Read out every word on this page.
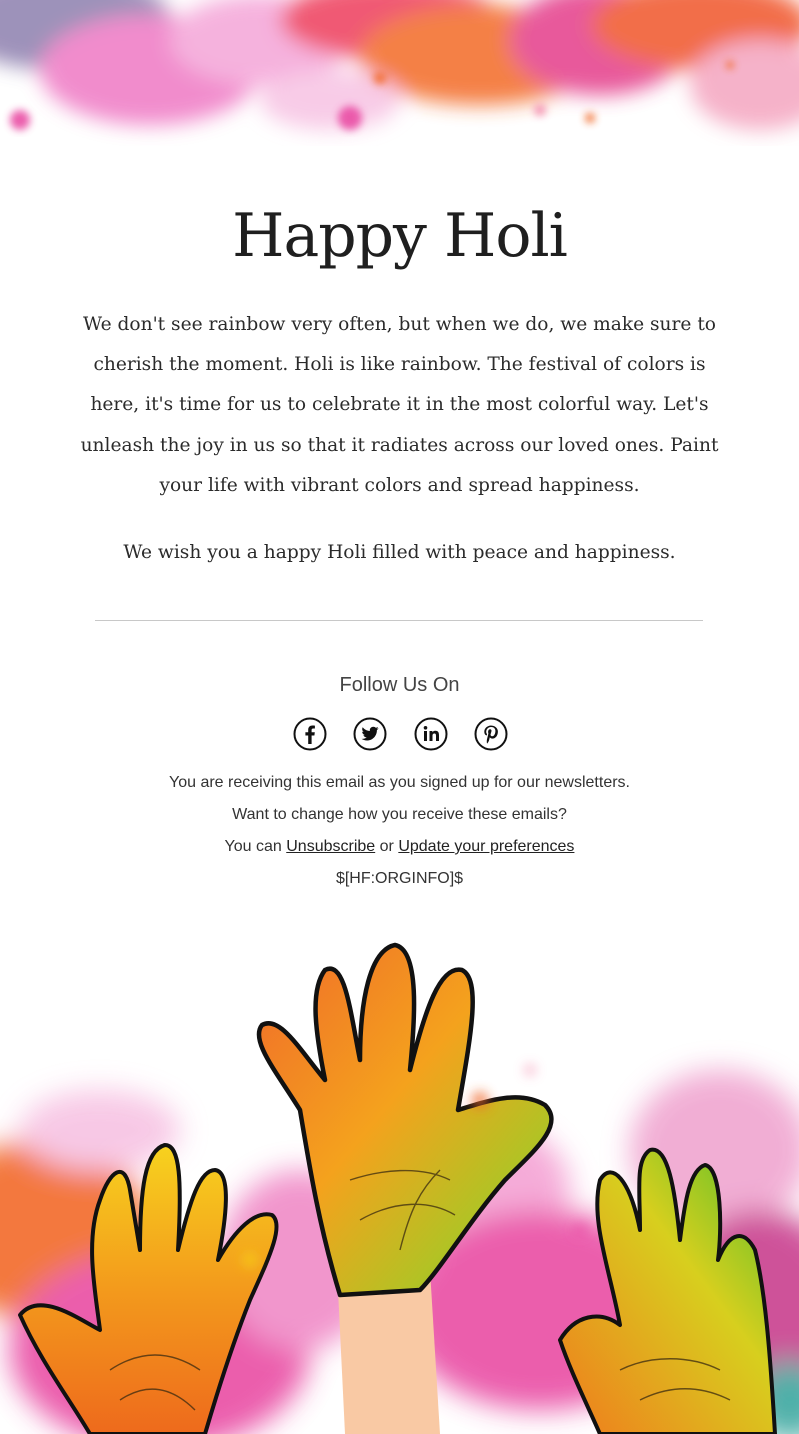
Happy Holi
We don't see rainbow very often, but when we do, we make sure to cherish the moment. Holi is like rainbow. The festival of colors is here, it's time for us to celebrate it in the most colorful way. Let's unleash the joy in us so that it radiates across our loved ones. Paint your life with vibrant colors and spread happiness.
We wish you a happy Holi filled with peace and happiness.
Follow Us On
You are receiving this email as you signed up for our newsletters.
Want to change how you receive these emails?
You can Unsubscribe or Update your preferences
$[HF:ORGINFO]$
